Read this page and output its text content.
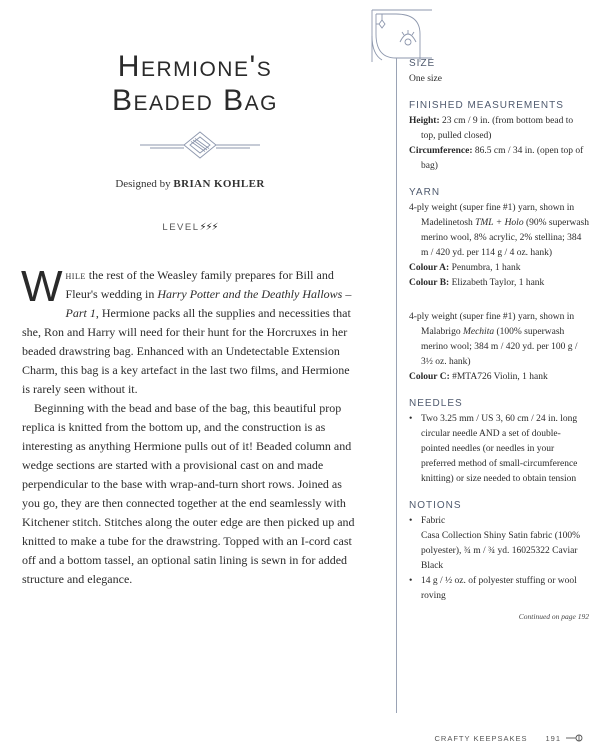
Hermione's
Beaded Bag
Designed by BRIAN KOHLER
LEVEL⚡⚡⚡

While the rest of the Weasley family prepares for Bill and Fleur's wedding in Harry Potter and the Deathly Hallows – Part 1, Hermione packs all the supplies and necessities that she, Ron and Harry will need for their hunt for the Horcruxes in her beaded drawstring bag. Enhanced with an Undetectable Extension Charm, this bag is a key artefact in the last two films, and Hermione is rarely seen without it.

Beginning with the bead and base of the bag, this beautiful prop replica is knitted from the bottom up, and the construction is as interesting as anything Hermione pulls out of it! Beaded column and wedge sections are started with a provisional cast on and made perpendicular to the base with wrap-and-turn short rows. Joined as you go, they are then connected together at the end seamlessly with Kitchener stitch. Stitches along the outer edge are then picked up and knitted to make a tube for the drawstring. Topped with an I-cord cast off and a bottom tassel, an optional satin lining is sewn in for added structure and elegance.

SIZE
One size
FINISHED MEASUREMENTS
Height: 23 cm / 9 in. (from bottom bead to top, pulled closed)
Circumference: 86.5 cm / 34 in. (open top of bag)
YARN
4-ply weight (super fine #1) yarn, shown in Madelinetosh TML + Holo (90% superwash merino wool, 8% acrylic, 2% stellina; 384 m / 420 yd. per 114 g / 4 oz. hank)
Colour A: Penumbra, 1 hank
Colour B: Elizabeth Taylor, 1 hank
4-ply weight (super fine #1) yarn, shown in Malabrigo Mechita (100% superwash merino wool; 384 m / 420 yd. per 100 g / 3½ oz. hank)
Colour C: #MTA726 Violin, 1 hank
NEEDLES
• Two 3.25 mm / US 3, 60 cm / 24 in. long circular needle AND a set of double-pointed needles (or needles in your preferred method of small-circumference knitting) or size needed to obtain tension
NOTIONS
• Fabric
Casa Collection Shiny Satin fabric (100% polyester), ¾ m / ¾ yd. 16025322 Caviar Black
• 14 g / ½ oz. of polyester stuffing or wool roving
Continued on page 192
CRAFTY KEEPSAKES 191
